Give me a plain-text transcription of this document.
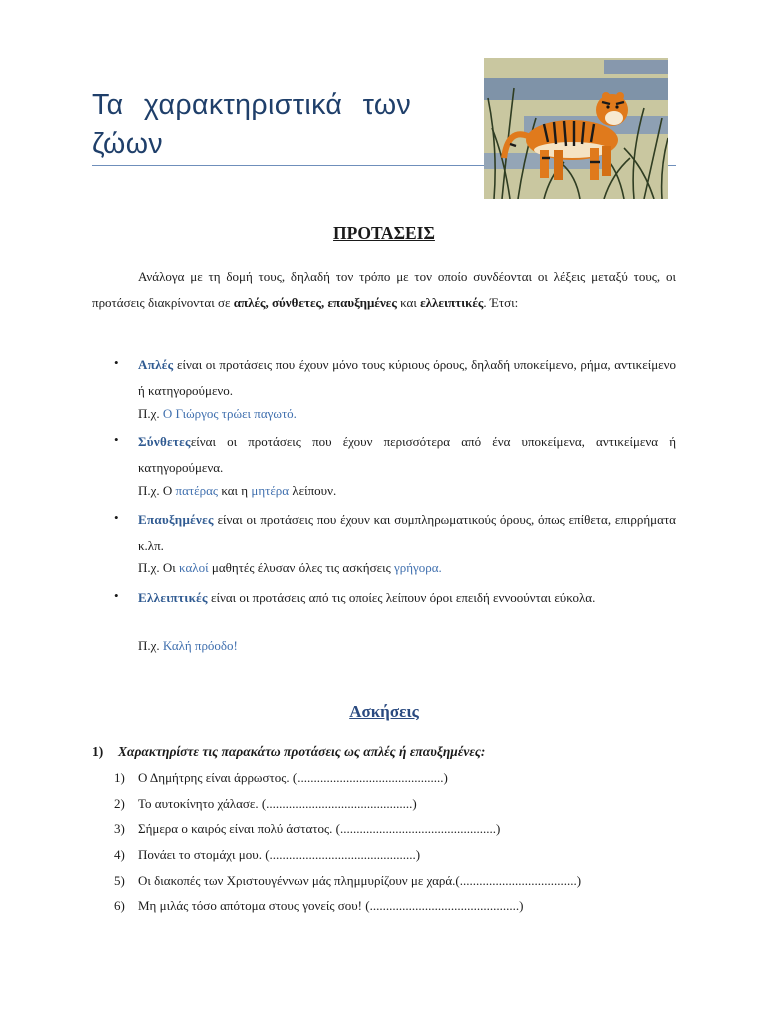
Τα χαρακτηριστικά των ζώων
ΠΡΟΤΑΣΕΙΣ
Ανάλογα με τη δομή τους, δηλαδή τον τρόπο με τον οποίο συνδέονται οι λέξεις μεταξύ τους, οι προτάσεις διακρίνονται σε απλές, σύνθετες, επαυξημένες και ελλειπτικές. Έτσι:
• Απλές είναι οι προτάσεις που έχουν μόνο τους κύριους όρους, δηλαδή υποκείμενο, ρήμα, αντικείμενο ή κατηγορούμενο.
Π.χ. Ο Γιώργος τρώει παγωτό.
• Σύνθετεςείναι οι προτάσεις που έχουν περισσότερα από ένα υποκείμενα, αντικείμενα ή κατηγορούμενα.
Π.χ. Ο πατέρας και η μητέρα λείπουν.
• Επαυξημένες είναι οι προτάσεις που έχουν και συμπληρωματικούς όρους, όπως επίθετα, επιρρήματα κ.λπ.
Π.χ. Οι καλοί μαθητές έλυσαν όλες τις ασκήσεις γρήγορα.
• Ελλειπτικές είναι οι προτάσεις από τις οποίες λείπουν όροι επειδή εννοούνται εύκολα.
Π.χ. Καλή πρόοδο!
Ασκήσεις
1) Χαρακτηρίστε τις παρακάτω προτάσεις ως απλές ή επαυξημένες:
1) Ο Δημήτρης είναι άρρωστος. (.............................................)
2) Το αυτοκίνητο χάλασε. (.............................................)
3) Σήμερα ο καιρός είναι πολύ άστατος. (................................................)
4) Πονάει το στομάχι μου. (.............................................)
5) Οι διακοπές των Χριστουγέννων μάς πλημμυρίζουν με χαρά.(....................................)
6) Μη μιλάς τόσο απότομα στους γονείς σου! (..............................................)
